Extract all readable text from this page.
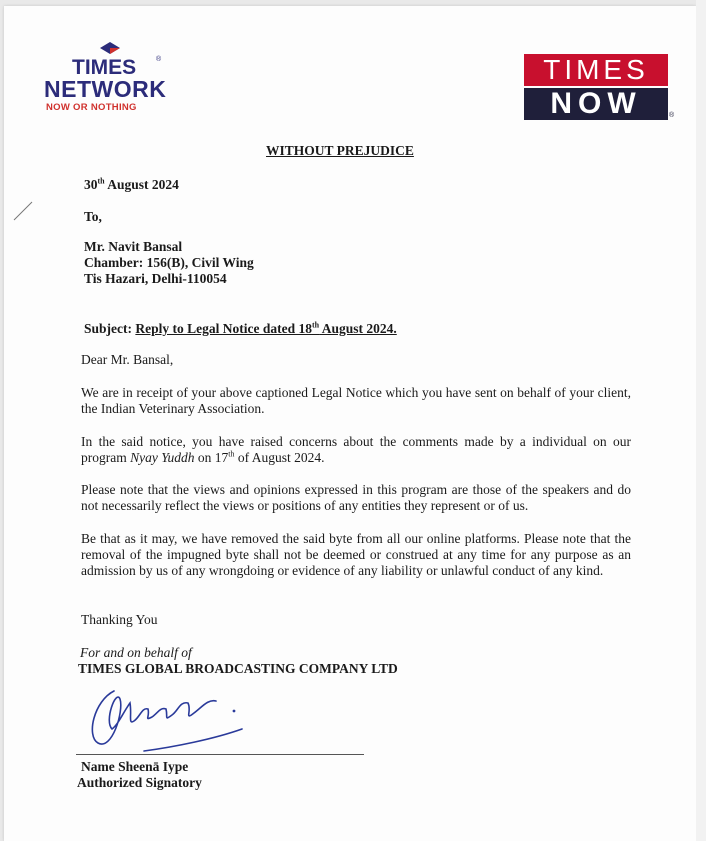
TIMES	®
NETWORK
NOW OR NOTHING
TIMES
NOW	®
WITHOUT PREJUDICE
30th August 2024
To,
Mr. Navit Bansal
Chamber: 156(B), Civil Wing
Tis Hazari, Delhi-110054
Subject: Reply to Legal Notice dated 18th August 2024.
Dear Mr. Bansal,
We are in receipt of your above captioned Legal Notice which you have sent on behalf of your client, the Indian Veterinary Association.
In the said notice, you have raised concerns about the comments made by a individual on our program Nyay Yuddh on 17th of August 2024.
Please note that the views and opinions expressed in this program are those of the speakers and do not necessarily reflect the views or positions of any entities they represent or of us.
Be that as it may, we have removed the said byte from all our online platforms. Please note that the removal of the impugned byte shall not be deemed or construed at any time for any purpose as an admission by us of any wrongdoing or evidence of any liability or unlawful conduct of any kind.
Thanking You
For and on behalf of
TIMES GLOBAL BROADCASTING COMPANY LTD
Name Sheenā Iype
Authorized Signatory
